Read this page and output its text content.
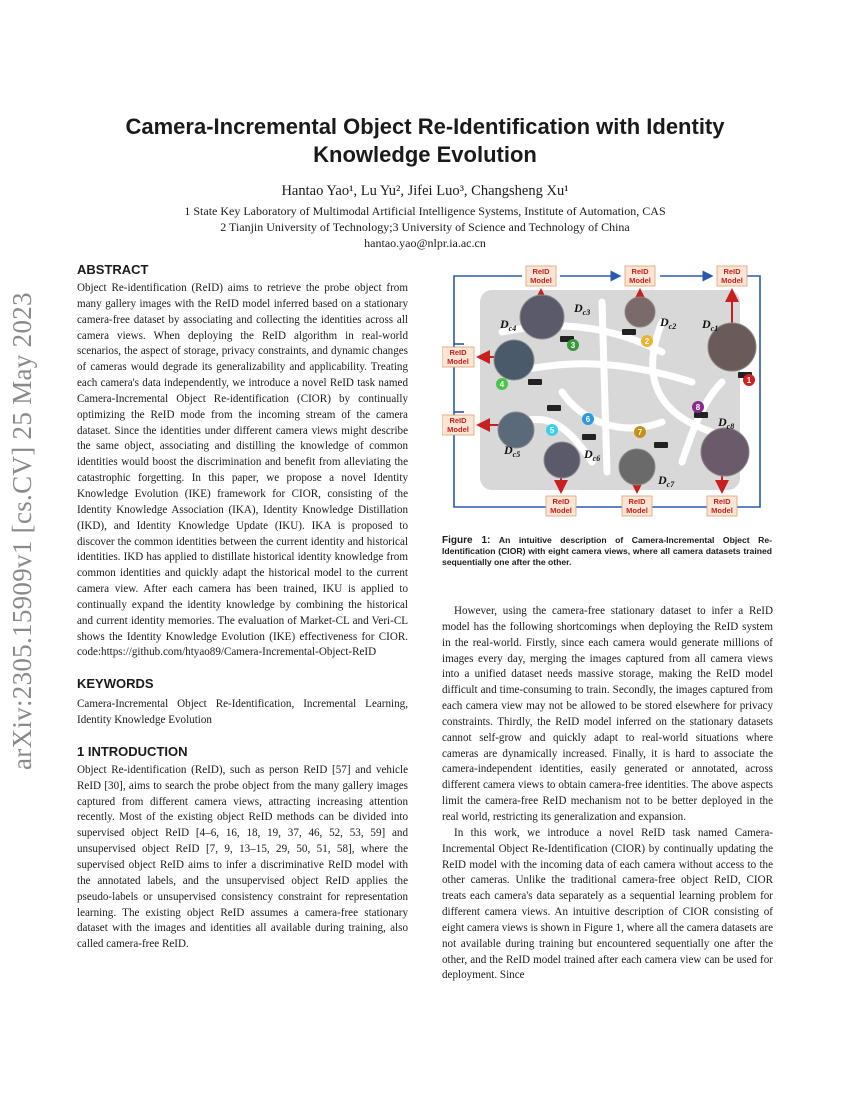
arXiv:2305.15909v1 [cs.CV] 25 May 2023
Camera-Incremental Object Re-Identification with Identity
Knowledge Evolution
Hantao Yao¹, Lu Yu², Jifei Luo³, Changsheng Xu¹
1 State Key Laboratory of Multimodal Artificial Intelligence Systems, Institute of Automation, CAS
2 Tianjin University of Technology;3 University of Science and Technology of China
hantao.yao@nlpr.ia.ac.cn
ABSTRACT

Object Re-identification (ReID) aims to retrieve the probe object from many gallery images with the ReID model inferred based on a stationary camera-free dataset by associating and collecting the identities across all camera views. When deploying the ReID algorithm in real-world scenarios, the aspect of storage, privacy constraints, and dynamic changes of cameras would degrade its generalizability and applicability. Treating each camera's data independently, we introduce a novel ReID task named Camera-Incremental Object Re-identification (CIOR) by continually optimizing the ReID mode from the incoming stream of the camera dataset. Since the identities under different camera views might describe the same object, associating and distilling the knowledge of common identities would boost the discrimination and benefit from alleviating the catastrophic forgetting. In this paper, we propose a novel Identity Knowledge Evolution (IKE) framework for CIOR, consisting of the Identity Knowledge Association (IKA), Identity Knowledge Distillation (IKD), and Identity Knowledge Update (IKU). IKA is proposed to discover the common identities between the current identity and historical identities. IKD has applied to distillate historical identity knowledge from common identities and quickly adapt the historical model to the current camera view. After each camera has been trained, IKU is applied to continually expand the identity knowledge by combining the historical and current identity memories. The evaluation of Market-CL and Veri-CL shows the Identity Knowledge Evolution (IKE) effectiveness for CIOR. code:https://github.com/htyao89/Camera-Incremental-Object-ReID

KEYWORDS

Camera-Incremental Object Re-Identification, Incremental Learning, Identity Knowledge Evolution

1 INTRODUCTION

Object Re-identification (ReID), such as person ReID [57] and vehicle ReID [30], aims to search the probe object from the many gallery images captured from different camera views, attracting increasing attention recently. Most of the existing object ReID methods can be divided into supervised object ReID [4–6, 16, 18, 19, 37, 46, 52, 53, 59] and unsupervised object ReID [7, 9, 13–15, 29, 50, 51, 58], where the supervised object ReID aims to infer a discriminative ReID model with the annotated labels, and the unsupervised object ReID applies the pseudo-labels or unsupervised consistency constraint for representation learning. The existing object ReID assumes a camera-free stationary dataset with the images and identities all available during training, also called camera-free ReID.

ReID
Model
ReID
Model
ReID
Model
ReID
Model
ReID
Model
ReID
Model
ReID
Model
ReID
Model
$D_{c3}$
$D_{c2}$ $D_{c1}$
$D_{c4}$
$D_{c5}$	$D_{c6}$
$D_{c7}$
$D_{c8}$
1
2
3
4
5
6
7
8
Figure 1: An intuitive description of Camera-Incremental Object Re-Identification (CIOR) with eight camera views, where all camera datasets trained sequentially one after the other.

However, using the camera-free stationary dataset to infer a ReID model has the following shortcomings when deploying the ReID system in the real-world. Firstly, since each camera would generate millions of images every day, merging the images captured from all camera views into a unified dataset needs massive storage, making the ReID model difficult and time-consuming to train. Secondly, the images captured from each camera view may not be allowed to be stored elsewhere for privacy constraints. Thirdly, the ReID model inferred on the stationary datasets cannot self-grow and quickly adapt to real-world situations where cameras are dynamically increased. Finally, it is hard to associate the camera-independent identities, easily generated or annotated, across different camera views to obtain camera-free identities. The above aspects limit the camera-free ReID mechanism not to be better deployed in the real world, restricting its generalization and expansion.

In this work, we introduce a novel ReID task named Camera-Incremental Object Re-Identification (CIOR) by continually updating the ReID model with the incoming data of each camera without access to the other cameras. Unlike the traditional camera-free object ReID, CIOR treats each camera's data separately as a sequential learning problem for different camera views. An intuitive description of CIOR consisting of eight camera views is shown in Figure 1, where all the camera datasets are not available during training but encountered sequentially one after the other, and the ReID model trained after each camera view can be used for deployment. Since
